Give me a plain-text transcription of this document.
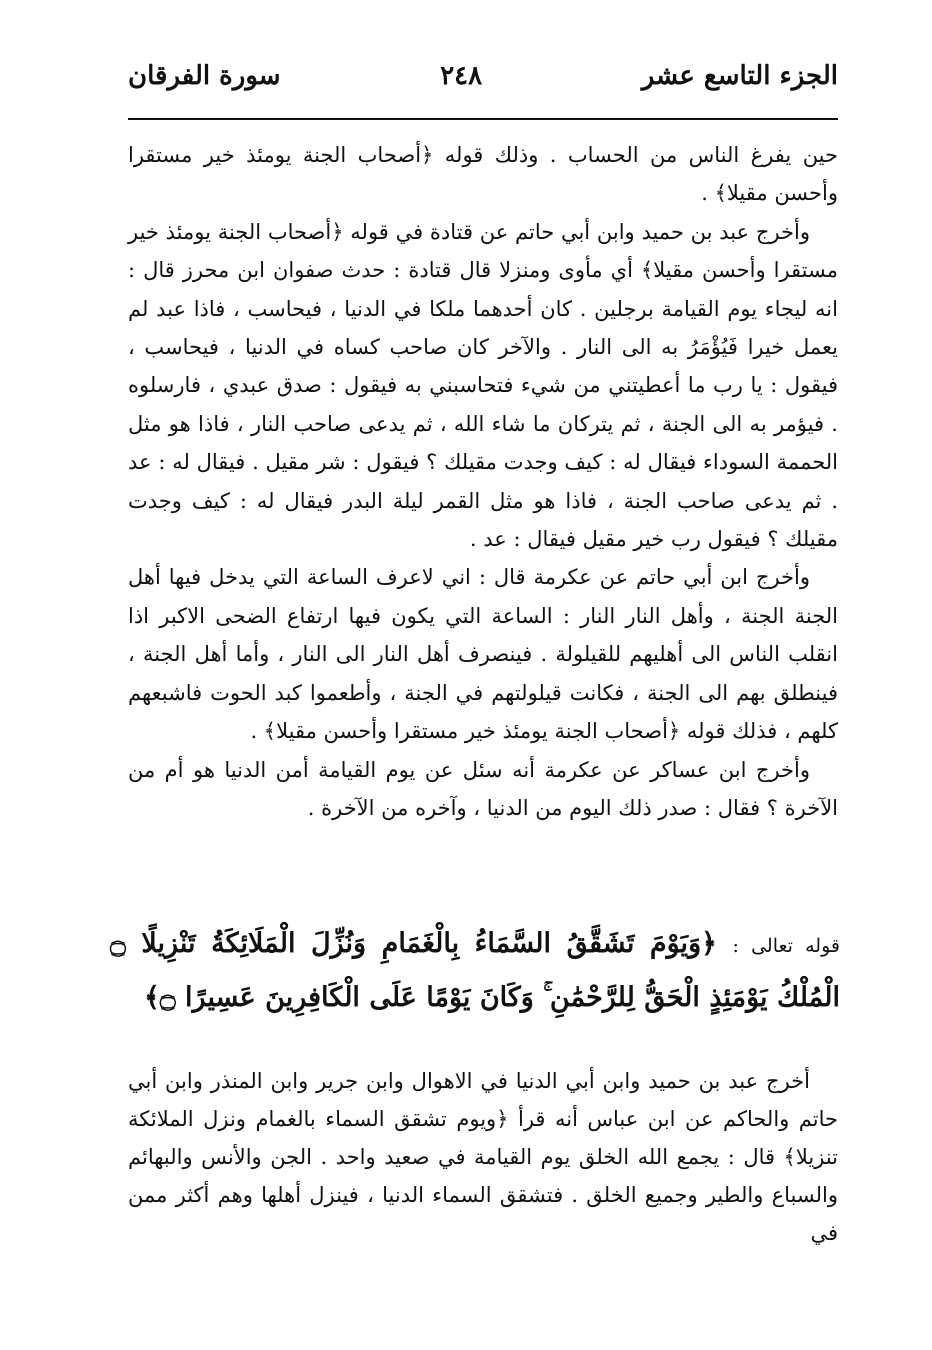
الجزء التاسع عشر
٢٤٨
سورة الفرقان

حين يفرغ الناس من الحساب . وذلك قوله ﴿أصحاب الجنة يومئذ خير مستقرا وأحسن مقيلا﴾ .

وأخرج عبد بن حميد وابن أبي حاتم عن قتادة في قوله ﴿أصحاب الجنة يومئذ خير مستقرا وأحسن مقيلا﴾ أي مأوى ومنزلا قال قتادة : حدث صفوان ابن محرز قال : انه ليجاء يوم القيامة برجلين . كان أحدهما ملكا في الدنيا ، فيحاسب ، فاذا عبد لم يعمل خيرا فَيُؤْمَرُ به الى النار . والآخر كان صاحب كساه في الدنيا ، فيحاسب ، فيقول : يا رب ما أعطيتني من شيء فتحاسبني به فيقول : صدق عبدي ، فارسلوه . فيؤمر به الى الجنة ، ثم يتركان ما شاء الله ، ثم يدعى صاحب النار ، فاذا هو مثل الحممة السوداء فيقال له : كيف وجدت مقيلك ؟ فيقول : شر مقيل . فيقال له : عد . ثم يدعى صاحب الجنة ، فاذا هو مثل القمر ليلة البدر فيقال له : كيف وجدت مقيلك ؟ فيقول رب خير مقيل فيقال : عد .

وأخرج ابن أبي حاتم عن عكرمة قال : اني لاعرف الساعة التي يدخل فيها أهل الجنة الجنة ، وأهل النار النار : الساعة التي يكون فيها ارتفاع الضحى الاكبر اذا انقلب الناس الى أهليهم للقيلولة . فينصرف أهل النار الى النار ، وأما أهل الجنة ، فينطلق بهم الى الجنة ، فكانت قيلولتهم في الجنة ، وأطعموا كبد الحوت فاشبعهم كلهم ، فذلك قوله ﴿أصحاب الجنة يومئذ خير مستقرا وأحسن مقيلا﴾ .

وأخرج ابن عساكر عن عكرمة أنه سئل عن يوم القيامة أمن الدنيا هو أم من الآخرة ؟ فقال : صدر ذلك اليوم من الدنيا ، وآخره من الآخرة .

قوله تعالى : ﴿وَيَوْمَ تَشَقَّقُ السَّمَاءُ بِالْغَمَامِ وَنُزِّلَ الْمَلَائِكَةُ تَنْزِيلًا ۝ الْمُلْكُ يَوْمَئِذٍ الْحَقُّ لِلرَّحْمَٰنِ ۚ وَكَانَ يَوْمًا عَلَى الْكَافِرِينَ عَسِيرًا ۝﴾

أخرج عبد بن حميد وابن أبي الدنيا في الاهوال وابن جرير وابن المنذر وابن أبي حاتم والحاكم عن ابن عباس أنه قرأ ﴿ويوم تشقق السماء بالغمام ونزل الملائكة تنزيلا﴾ قال : يجمع الله الخلق يوم القيامة في صعيد واحد . الجن والأنس والبهائم والسباع والطير وجميع الخلق . فتشقق السماء الدنيا ، فينزل أهلها وهم أكثر ممن في
